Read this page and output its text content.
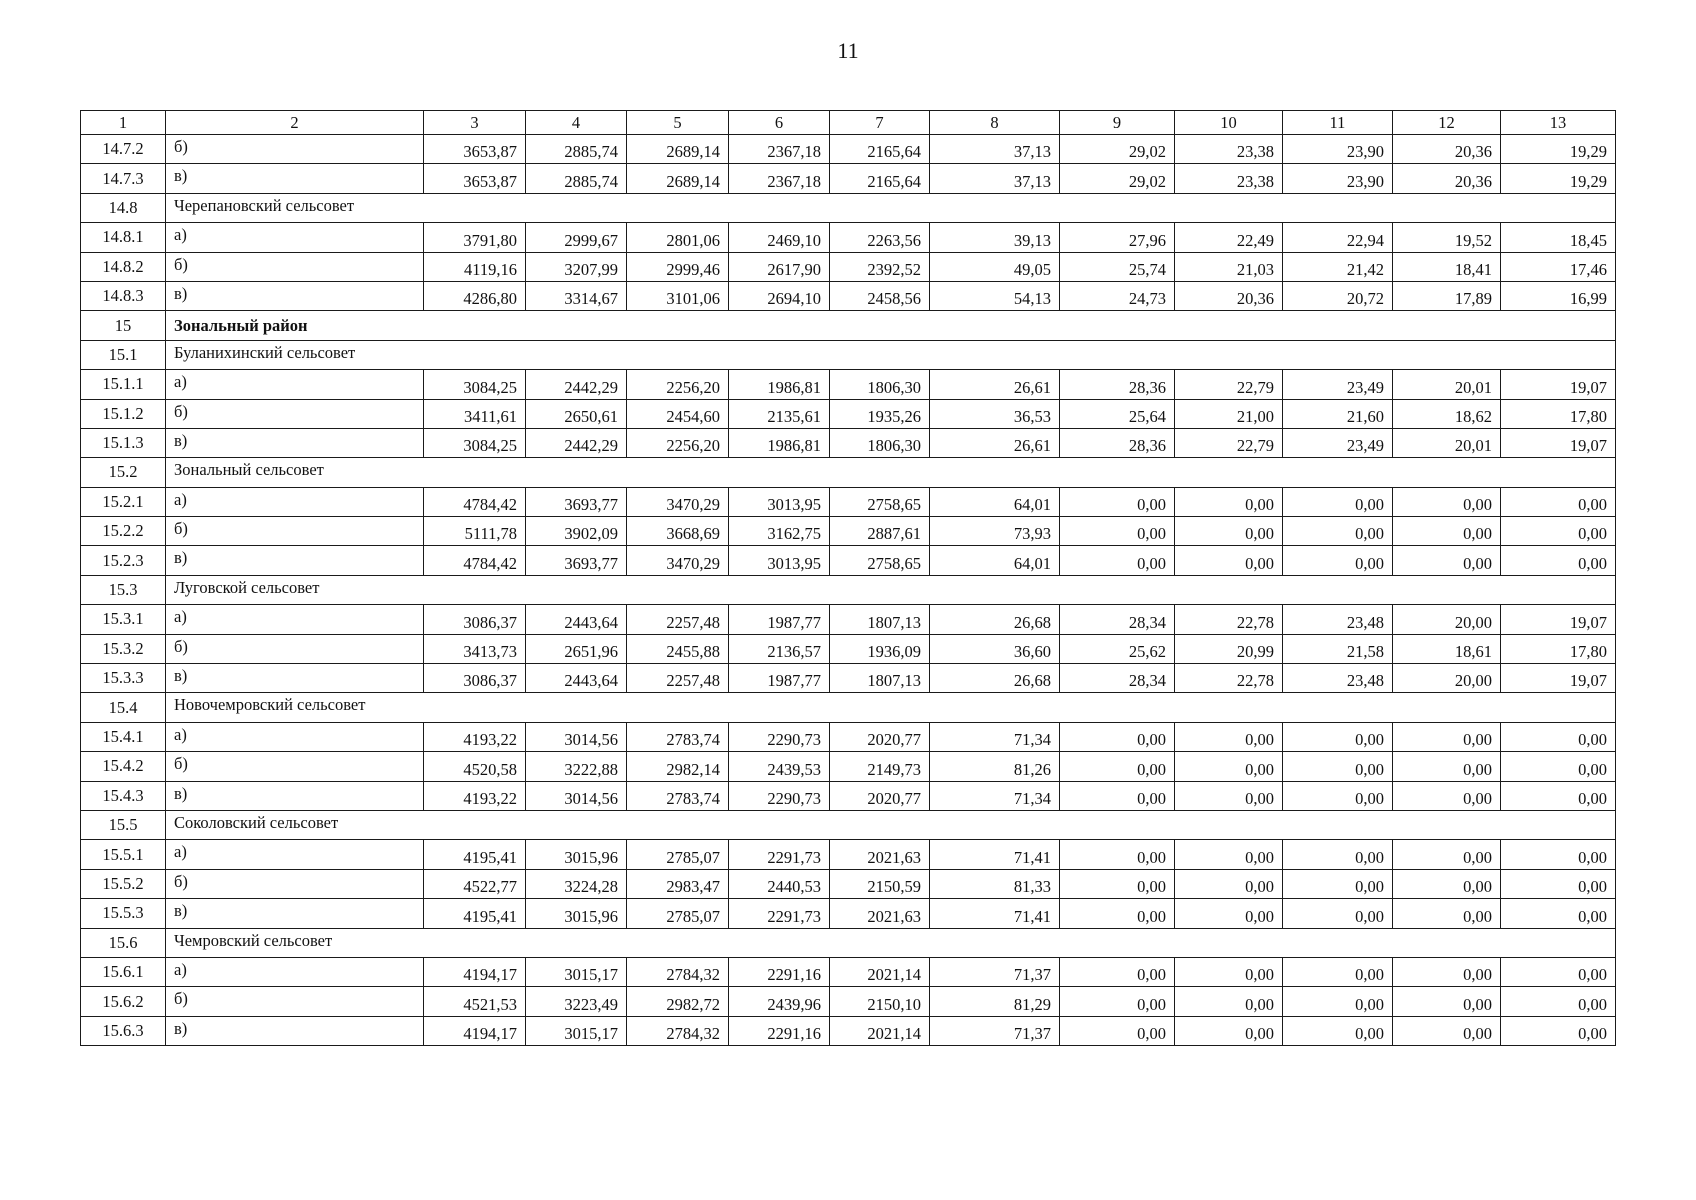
11
1	2	3	4	5	6	7	8	9	10	11	12	13
14.7.2	б)	3653,87	2885,74	2689,14	2367,18	2165,64	37,13	29,02	23,38	23,90	20,36	19,29
14.7.3	в)	3653,87	2885,74	2689,14	2367,18	2165,64	37,13	29,02	23,38	23,90	20,36	19,29
14.8	Черепановский сельсовет											
14.8.1	а)	3791,80	2999,67	2801,06	2469,10	2263,56	39,13	27,96	22,49	22,94	19,52	18,45
14.8.2	б)	4119,16	3207,99	2999,46	2617,90	2392,52	49,05	25,74	21,03	21,42	18,41	17,46
14.8.3	в)	4286,80	3314,67	3101,06	2694,10	2458,56	54,13	24,73	20,36	20,72	17,89	16,99
15	Зональный район											
15.1	Буланихинский сельсовет											
15.1.1	а)	3084,25	2442,29	2256,20	1986,81	1806,30	26,61	28,36	22,79	23,49	20,01	19,07
15.1.2	б)	3411,61	2650,61	2454,60	2135,61	1935,26	36,53	25,64	21,00	21,60	18,62	17,80
15.1.3	в)	3084,25	2442,29	2256,20	1986,81	1806,30	26,61	28,36	22,79	23,49	20,01	19,07
15.2	Зональный сельсовет											
15.2.1	а)	4784,42	3693,77	3470,29	3013,95	2758,65	64,01	0,00	0,00	0,00	0,00	0,00
15.2.2	б)	5111,78	3902,09	3668,69	3162,75	2887,61	73,93	0,00	0,00	0,00	0,00	0,00
15.2.3	в)	4784,42	3693,77	3470,29	3013,95	2758,65	64,01	0,00	0,00	0,00	0,00	0,00
15.3	Луговской сельсовет											
15.3.1	а)	3086,37	2443,64	2257,48	1987,77	1807,13	26,68	28,34	22,78	23,48	20,00	19,07
15.3.2	б)	3413,73	2651,96	2455,88	2136,57	1936,09	36,60	25,62	20,99	21,58	18,61	17,80
15.3.3	в)	3086,37	2443,64	2257,48	1987,77	1807,13	26,68	28,34	22,78	23,48	20,00	19,07
15.4	Новочемровский сельсовет											
15.4.1	а)	4193,22	3014,56	2783,74	2290,73	2020,77	71,34	0,00	0,00	0,00	0,00	0,00
15.4.2	б)	4520,58	3222,88	2982,14	2439,53	2149,73	81,26	0,00	0,00	0,00	0,00	0,00
15.4.3	в)	4193,22	3014,56	2783,74	2290,73	2020,77	71,34	0,00	0,00	0,00	0,00	0,00
15.5	Соколовский сельсовет											
15.5.1	а)	4195,41	3015,96	2785,07	2291,73	2021,63	71,41	0,00	0,00	0,00	0,00	0,00
15.5.2	б)	4522,77	3224,28	2983,47	2440,53	2150,59	81,33	0,00	0,00	0,00	0,00	0,00
15.5.3	в)	4195,41	3015,96	2785,07	2291,73	2021,63	71,41	0,00	0,00	0,00	0,00	0,00
15.6	Чемровский сельсовет											
15.6.1	а)	4194,17	3015,17	2784,32	2291,16	2021,14	71,37	0,00	0,00	0,00	0,00	0,00
15.6.2	б)	4521,53	3223,49	2982,72	2439,96	2150,10	81,29	0,00	0,00	0,00	0,00	0,00
15.6.3	в)	4194,17	3015,17	2784,32	2291,16	2021,14	71,37	0,00	0,00	0,00	0,00	0,00
